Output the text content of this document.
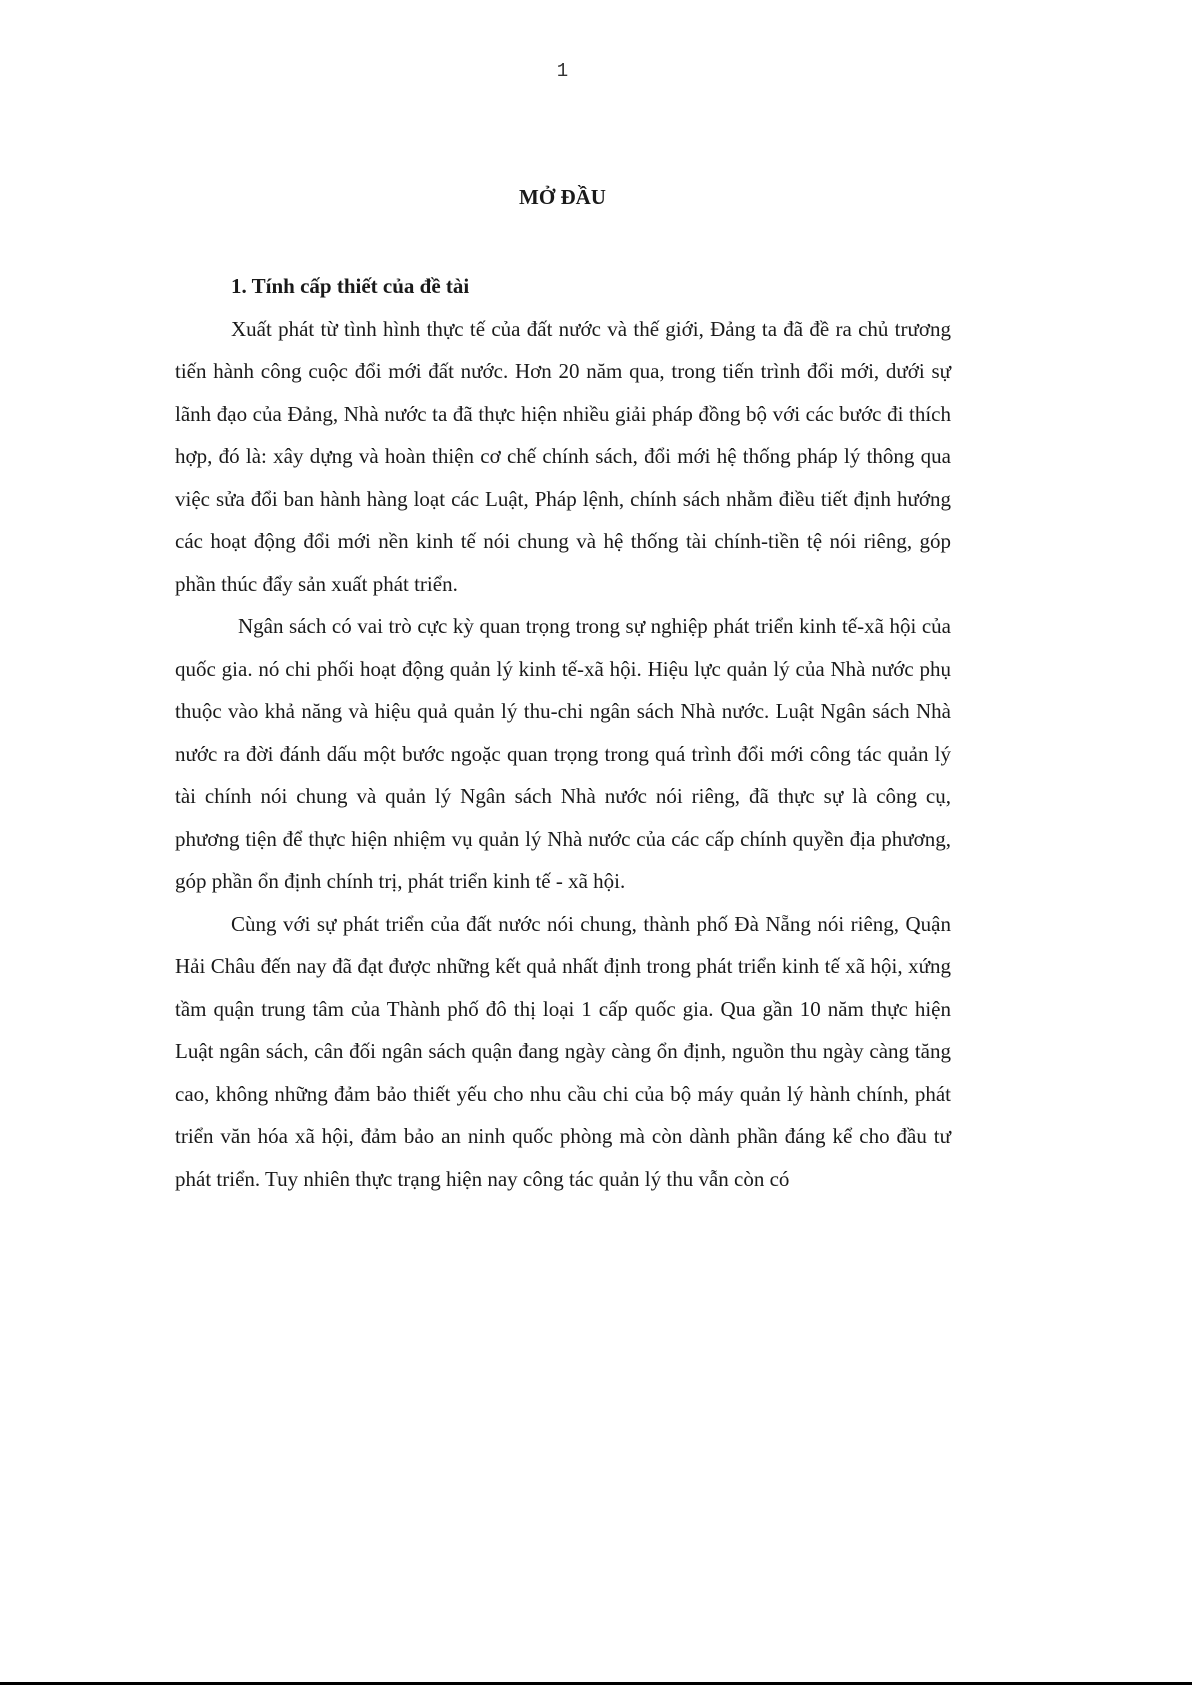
1
MỞ ĐẦU
1. Tính cấp thiết của đề tài

Xuất phát từ tình hình thực tế của đất nước và thế giới, Đảng ta đã đề ra chủ trương tiến hành công cuộc đổi mới đất nước. Hơn 20 năm qua, trong tiến trình đổi mới, dưới sự lãnh đạo của Đảng, Nhà nước ta đã thực hiện nhiều giải pháp đồng bộ với các bước đi thích hợp, đó là: xây dựng và hoàn thiện cơ chế chính sách, đổi mới hệ thống pháp lý thông qua việc sửa đổi ban hành hàng loạt các Luật, Pháp lệnh, chính sách nhằm điều tiết định hướng các hoạt động đổi mới nền kinh tế nói chung và hệ thống tài chính-tiền tệ nói riêng, góp phần thúc đẩy sản xuất phát triển.

Ngân sách có vai trò cực kỳ quan trọng trong sự nghiệp phát triển kinh tế-xã hội của quốc gia. nó chi phối hoạt động quản lý kinh tế-xã hội. Hiệu lực quản lý của Nhà nước phụ thuộc vào khả năng và hiệu quả quản lý thu-chi ngân sách Nhà nước. Luật Ngân sách Nhà nước ra đời đánh dấu một bước ngoặc quan trọng trong quá trình đổi mới công tác quản lý tài chính nói chung và quản lý Ngân sách Nhà nước nói riêng, đã thực sự là công cụ, phương tiện để thực hiện nhiệm vụ quản lý Nhà nước của các cấp chính quyền địa phương, góp phần ổn định chính trị, phát triển kinh tế - xã hội.

Cùng với sự phát triển của đất nước nói chung, thành phố Đà Nẵng nói riêng, Quận Hải Châu đến nay đã đạt được những kết quả nhất định trong phát triển kinh tế xã hội, xứng tầm quận trung tâm của Thành phố đô thị loại 1 cấp quốc gia. Qua gần 10 năm thực hiện Luật ngân sách, cân đối ngân sách quận đang ngày càng ổn định, nguồn thu ngày càng tăng cao, không những đảm bảo thiết yếu cho nhu cầu chi của bộ máy quản lý hành chính, phát triển văn hóa xã hội, đảm bảo an ninh quốc phòng mà còn dành phần đáng kể cho đầu tư phát triển. Tuy nhiên thực trạng hiện nay công tác quản lý thu vẫn còn có
